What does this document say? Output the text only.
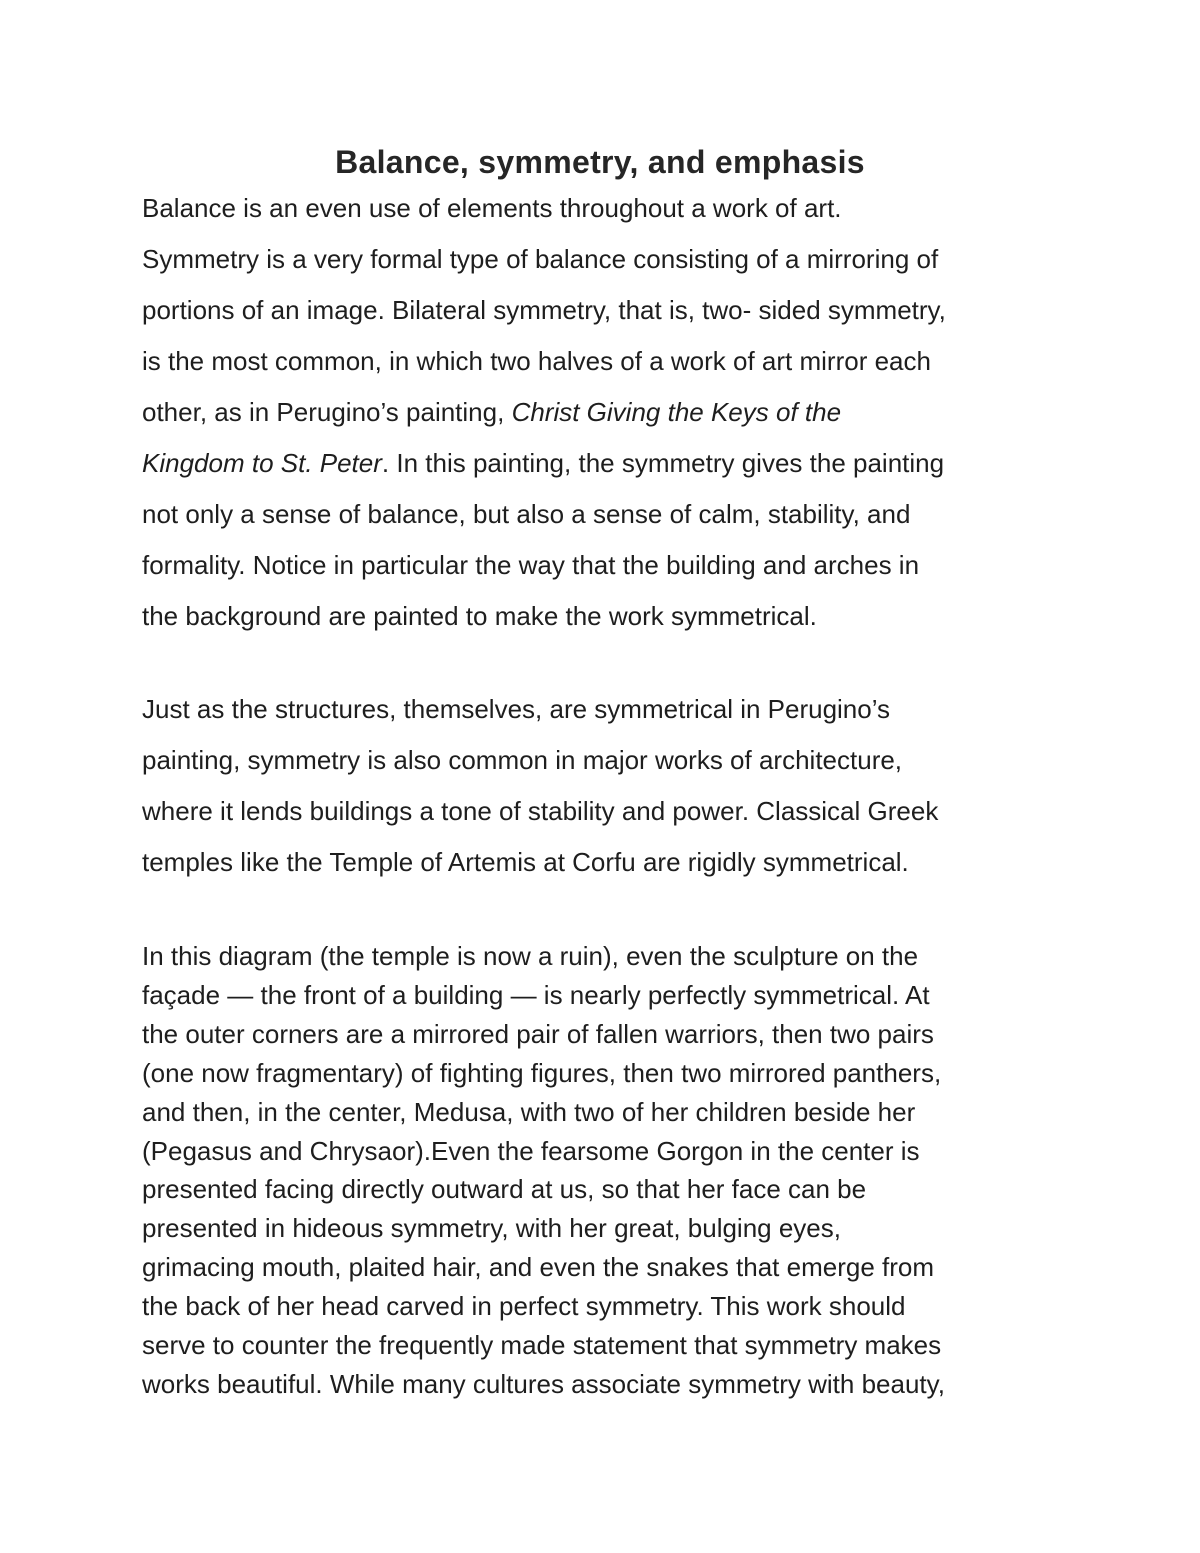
Balance, symmetry, and emphasis
Balance is an even use of elements throughout a work of art.
Symmetry is a very formal type of balance consisting of a mirroring of
portions of an image. Bilateral symmetry, that is, two- sided symmetry,
is the most common, in which two halves of a work of art mirror each
other, as in Perugino’s painting, Christ Giving the Keys of the
Kingdom to St. Peter. In this painting, the symmetry gives the painting
not only a sense of balance, but also a sense of calm, stability, and
formality. Notice in particular the way that the building and arches in
the background are painted to make the work symmetrical.
Just as the structures, themselves, are symmetrical in Perugino’s
painting, symmetry is also common in major works of architecture,
where it lends buildings a tone of stability and power. Classical Greek
temples like the Temple of Artemis at Corfu are rigidly symmetrical.
In this diagram (the temple is now a ruin), even the sculpture on the
façade — the front of a building — is nearly perfectly symmetrical. At
the outer corners are a mirrored pair of fallen warriors, then two pairs
(one now fragmentary) of fighting figures, then two mirrored panthers,
and then, in the center, Medusa, with two of her children beside her
(Pegasus and Chrysaor).Even the fearsome Gorgon in the center is
presented facing directly outward at us, so that her face can be
presented in hideous symmetry, with her great, bulging eyes,
grimacing mouth, plaited hair, and even the snakes that emerge from
the back of her head carved in perfect symmetry. This work should
serve to counter the frequently made statement that symmetry makes
works beautiful. While many cultures associate symmetry with beauty,
